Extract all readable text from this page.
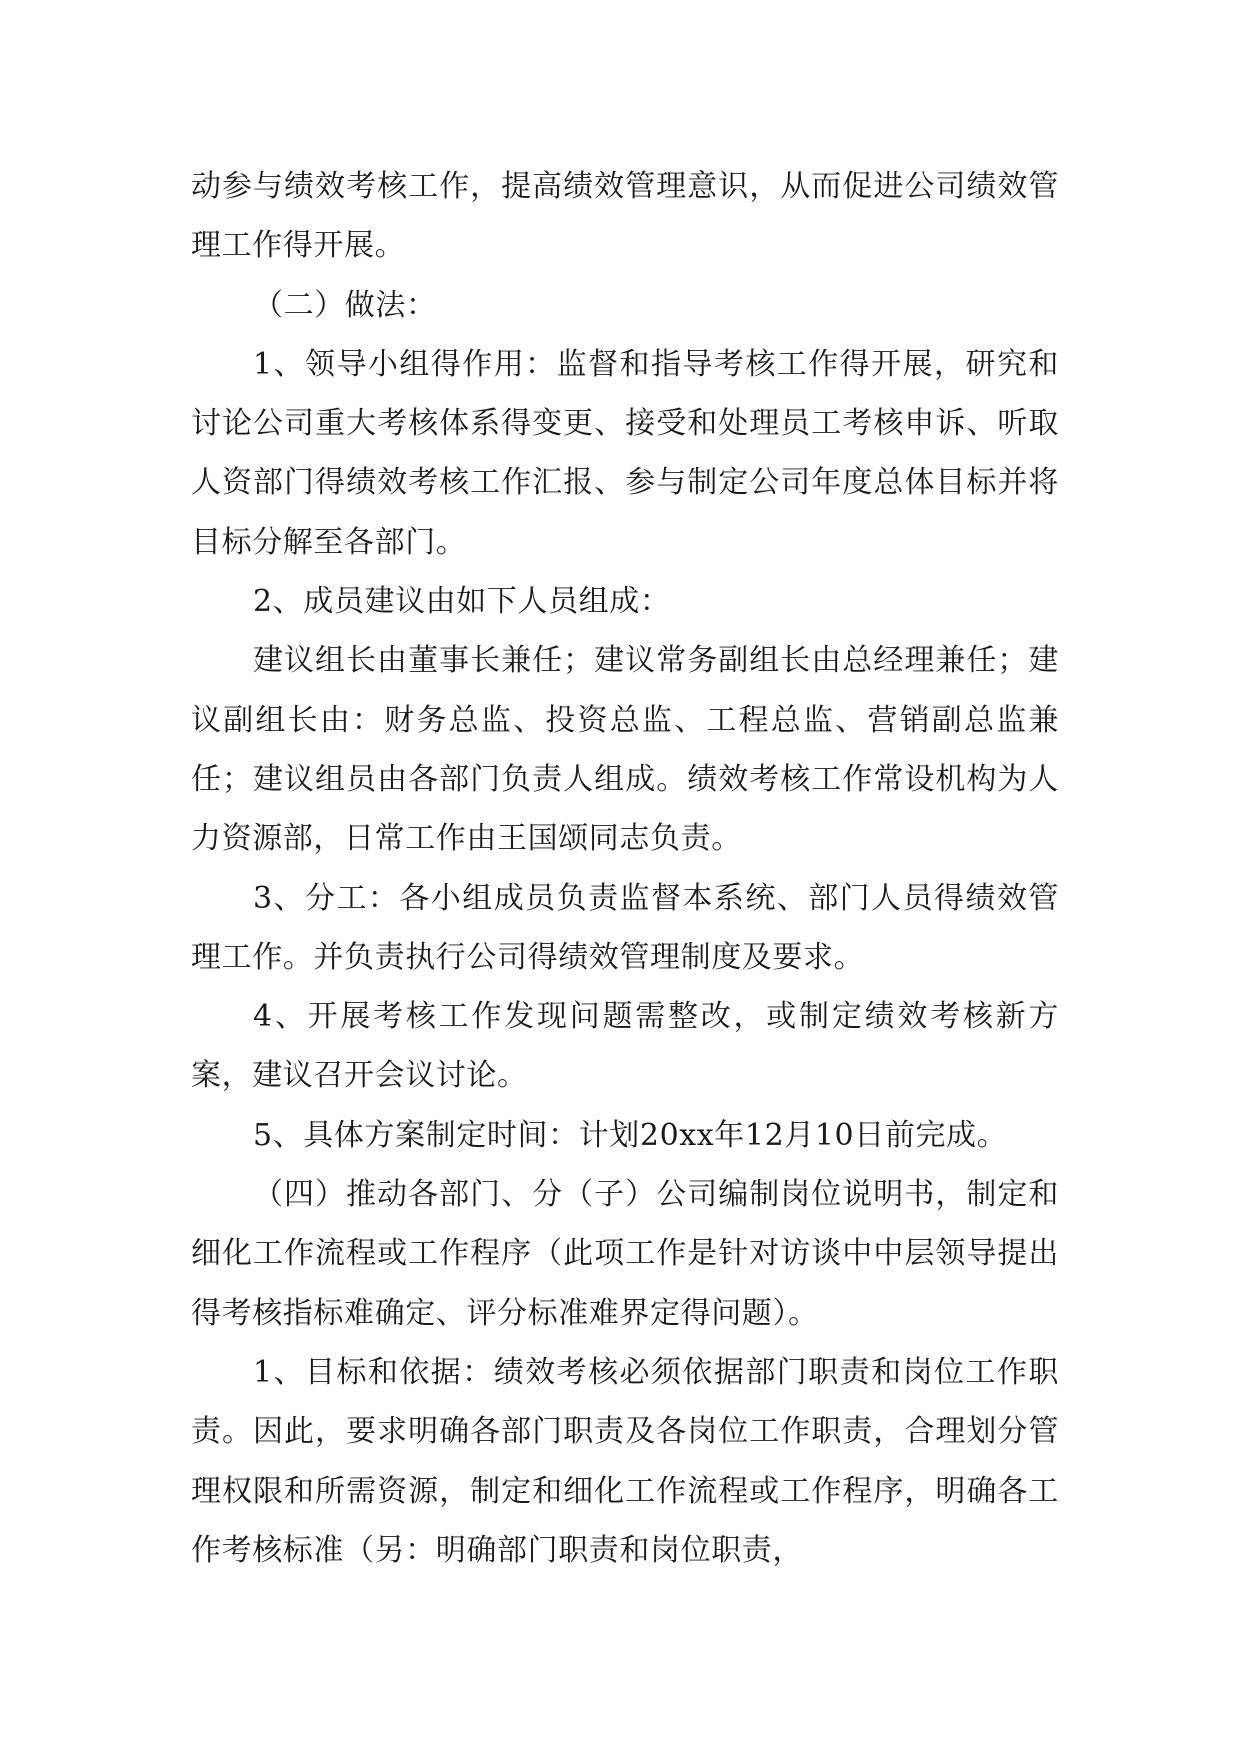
动参与绩效考核工作，提高绩效管理意识，从而促进公司绩效管理工作得开展。

（二）做法：

1、领导小组得作用：监督和指导考核工作得开展，研究和讨论公司重大考核体系得变更、接受和处理员工考核申诉、听取人资部门得绩效考核工作汇报、参与制定公司年度总体目标并将目标分解至各部门。

2、成员建议由如下人员组成：

建议组长由董事长兼任；建议常务副组长由总经理兼任；建议副组长由：财务总监、投资总监、工程总监、营销副总监兼任；建议组员由各部门负责人组成。绩效考核工作常设机构为人力资源部，日常工作由王国颂同志负责。

3、分工：各小组成员负责监督本系统、部门人员得绩效管理工作。并负责执行公司得绩效管理制度及要求。

4、开展考核工作发现问题需整改，或制定绩效考核新方案，建议召开会议讨论。

5、具体方案制定时间：计划20xx年12月10日前完成。

（四）推动各部门、分（子）公司编制岗位说明书，制定和细化工作流程或工作程序（此项工作是针对访谈中中层领导提出得考核指标难确定、评分标准难界定得问题）。

1、目标和依据：绩效考核必须依据部门职责和岗位工作职责。因此，要求明确各部门职责及各岗位工作职责，合理划分管理权限和所需资源，制定和细化工作流程或工作程序，明确各工作考核标准（另：明确部门职责和岗位职责，
